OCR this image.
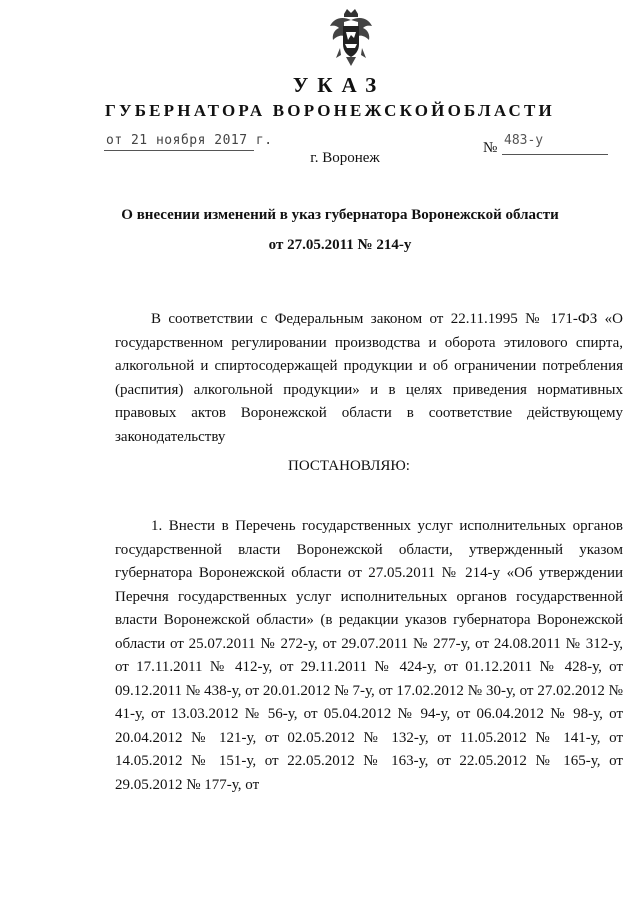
УКАЗ
ГУБЕРНАТОРА ВОРОНЕЖСКОЙОБЛАСТИ
от 21 ноября 2017 г.	№ 483-у
г. Воронеж
О внесении изменений в указ губернатора Воронежской области
от 27.05.2011 № 214-у
В соответствии с Федеральным законом от 22.11.1995 № 171-ФЗ «О государственном регулировании производства и оборота этилового спирта, алкогольной и спиртосодержащей продукции и об ограничении потребления (распития) алкогольной продукции» и в целях приведения нормативных правовых актов Воронежской области в соответствие действующему законодательству
ПОСТАНОВЛЯЮ:
1. Внести в Перечень государственных услуг исполнительных органов государственной власти Воронежской области, утвержденный указом губернатора Воронежской области от 27.05.2011 № 214-у «Об утверждении Перечня государственных услуг исполнительных органов государственной власти Воронежской области» (в редакции указов губернатора Воронежской области от 25.07.2011 № 272-у, от 29.07.2011 № 277-у, от 24.08.2011 № 312-у, от 17.11.2011 № 412-у, от 29.11.2011 № 424-у, от 01.12.2011 № 428-у, от 09.12.2011 № 438-у, от 20.01.2012 № 7-у, от 17.02.2012 № 30-у, от 27.02.2012 № 41-у, от 13.03.2012 № 56-у, от 05.04.2012 № 94-у, от 06.04.2012 № 98-у, от 20.04.2012 № 121-у, от 02.05.2012 № 132-у, от 11.05.2012 № 141-у, от 14.05.2012 № 151-у, от 22.05.2012 № 163-у, от 22.05.2012 № 165-у, от 29.05.2012 № 177-у, от
